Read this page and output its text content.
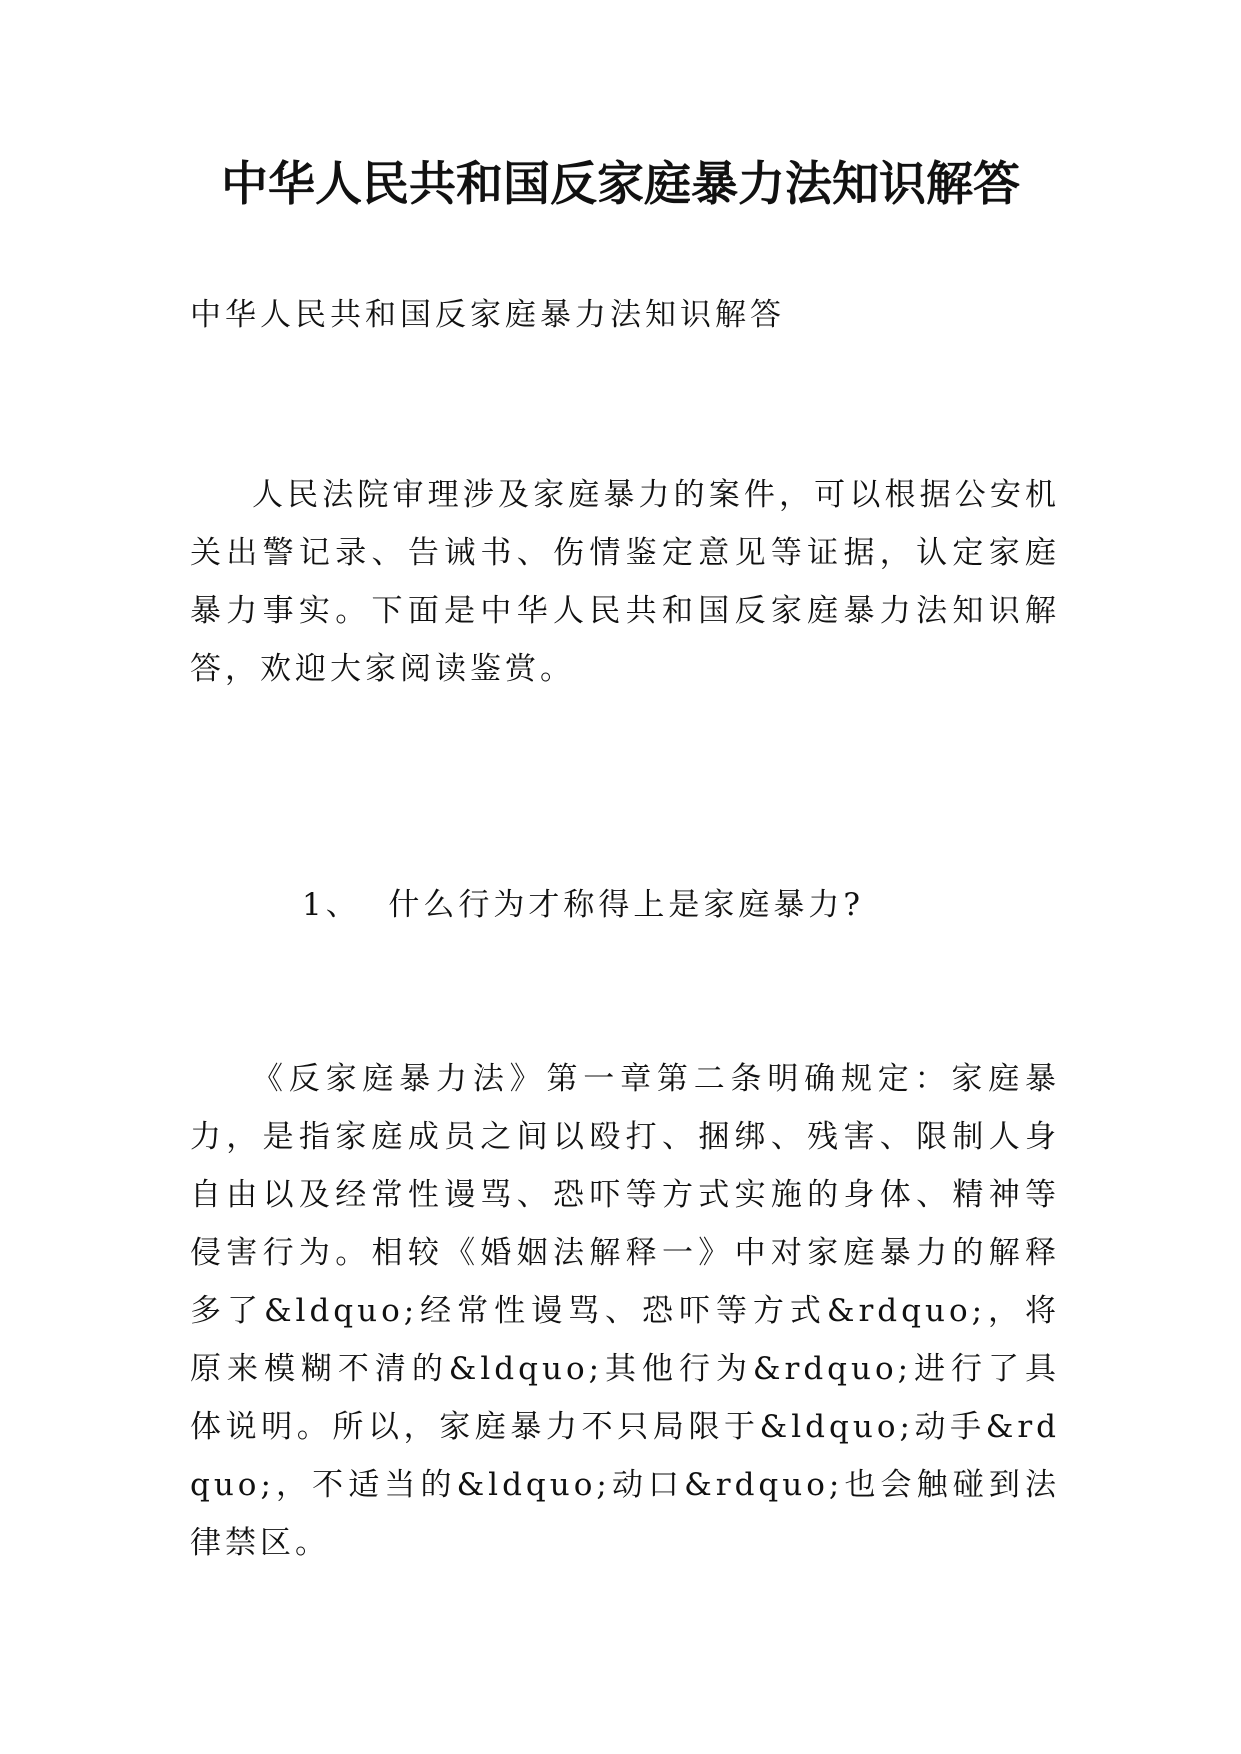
中华人民共和国反家庭暴力法知识解答

中华人民共和国反家庭暴力法知识解答

人民法院审理涉及家庭暴力的案件，可以根据公安机关出警记录、告诫书、伤情鉴定意见等证据，认定家庭暴力事实。下面是中华人民共和国反家庭暴力法知识解答，欢迎大家阅读鉴赏。

1、  什么行为才称得上是家庭暴力?

《反家庭暴力法》第一章第二条明确规定：家庭暴力，是指家庭成员之间以殴打、捆绑、残害、限制人身自由以及经常性谩骂、恐吓等方式实施的身体、精神等侵害行为。相较《婚姻法解释一》中对家庭暴力的解释多了&ldquo;经常性谩骂、恐吓等方式&rdquo;，将原来模糊不清的&ldquo;其他行为&rdquo;进行了具体说明。所以，家庭暴力不只局限于&ldquo;动手&rdquo;，不适当的&ldquo;动口&rdquo;也会触碰到法律禁区。
